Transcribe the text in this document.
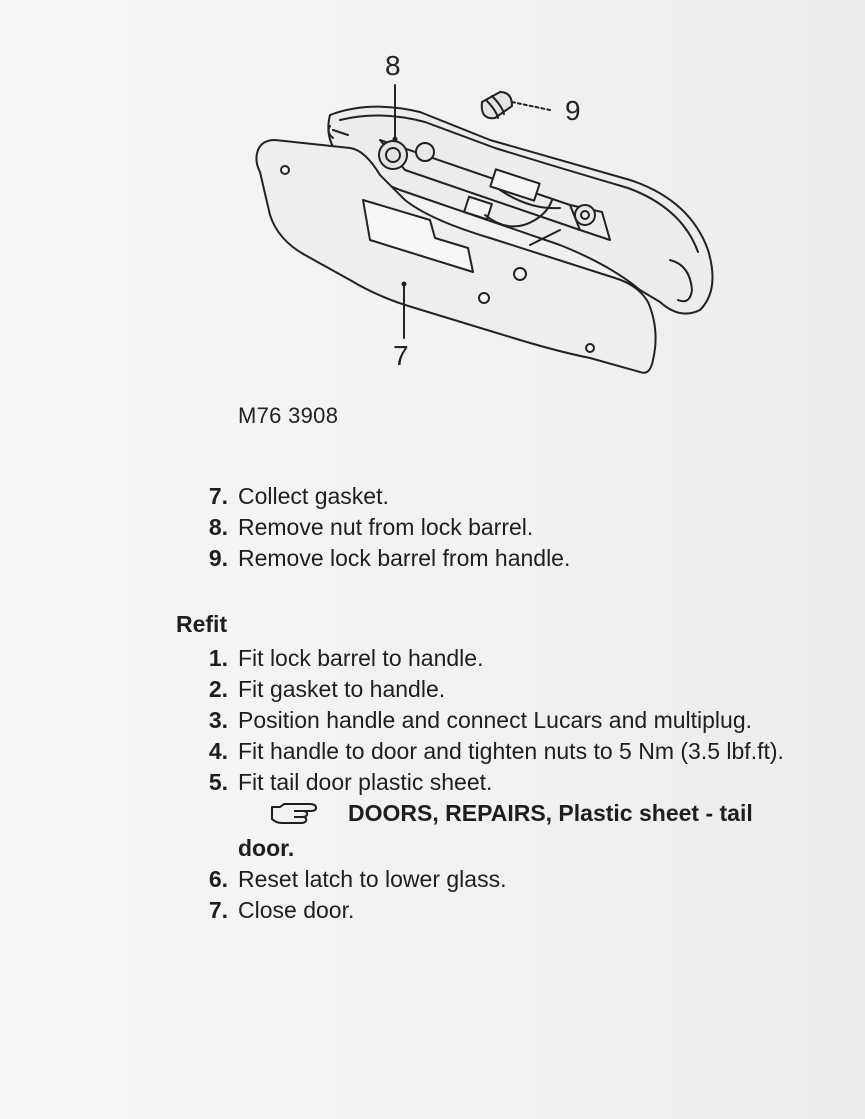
8
9
7
M76 3908
7. Collect gasket.
8. Remove nut from lock barrel.
9. Remove lock barrel from handle.
Refit
1. Fit lock barrel to handle.
2. Fit gasket to handle.
3. Position handle and connect Lucars and multiplug.
4. Fit handle to door and tighten nuts to 5 Nm (3.5 lbf.ft).
5. Fit tail door plastic sheet.
DOORS, REPAIRS, Plastic sheet - tail door.
6. Reset latch to lower glass.
7. Close door.
